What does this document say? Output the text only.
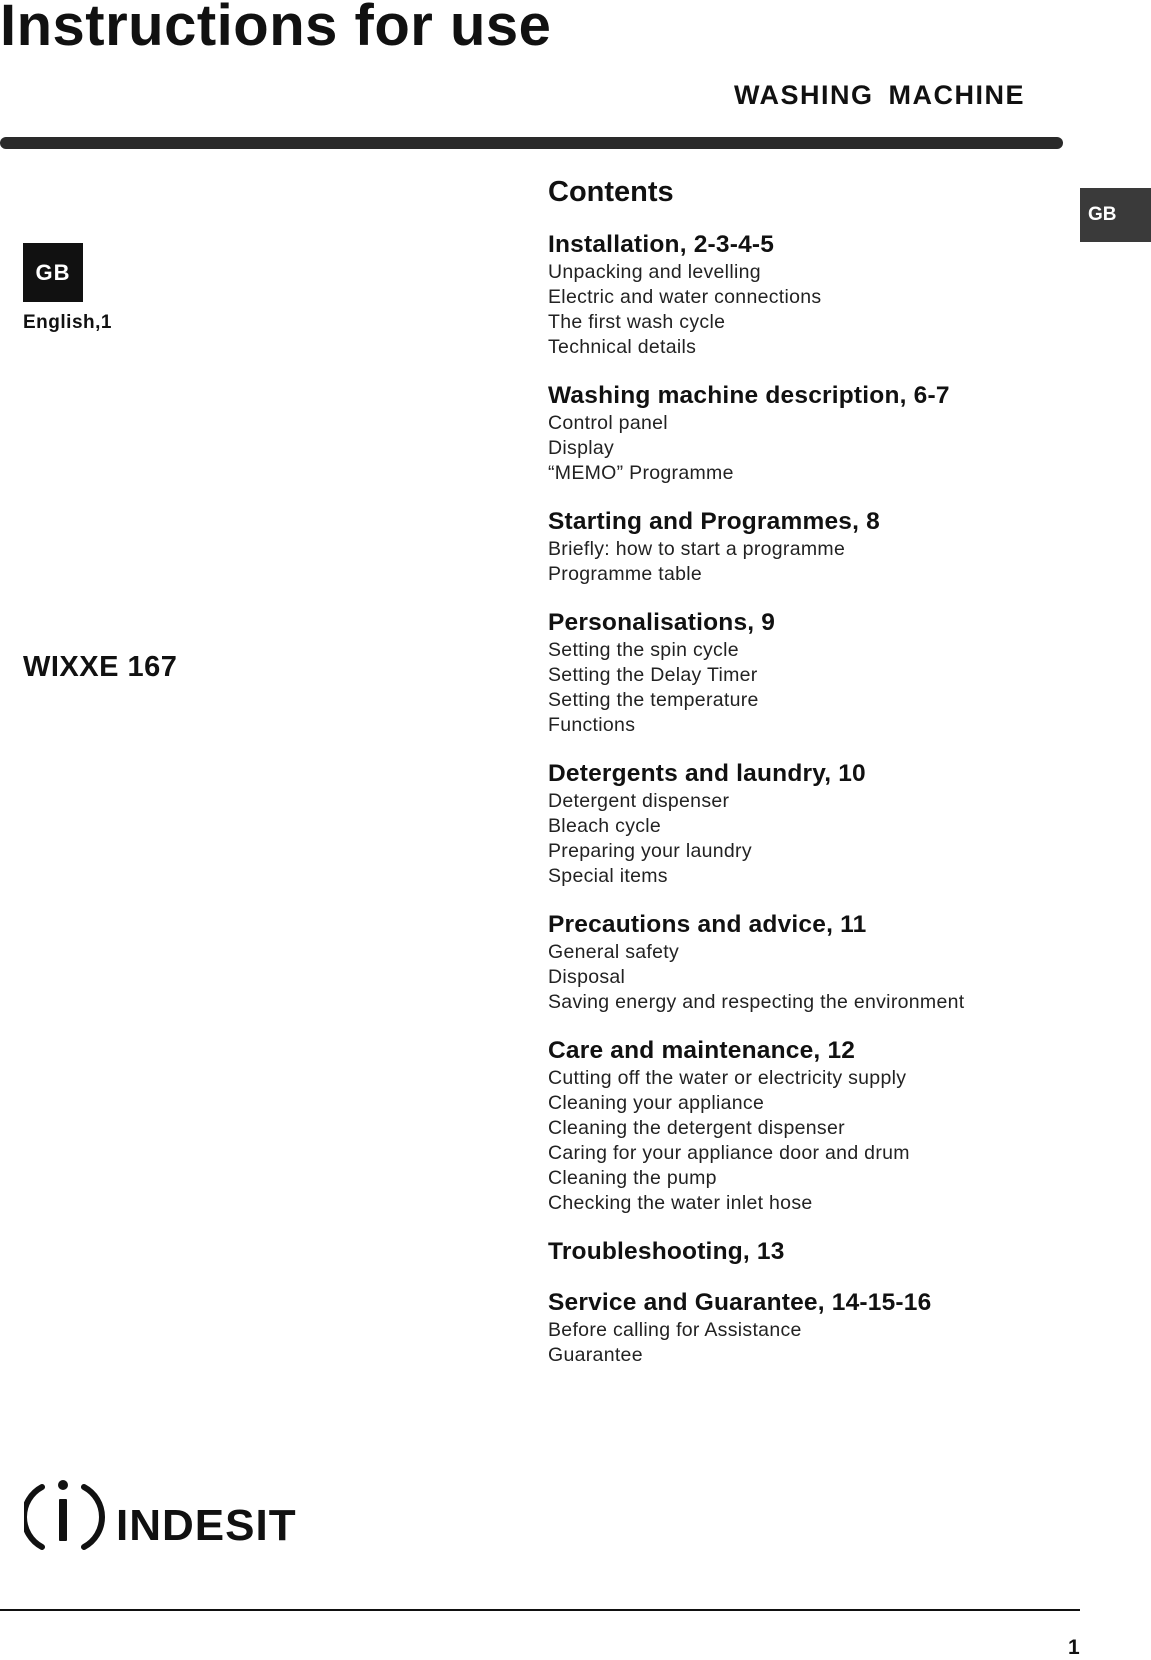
Instructions for use
WASHING MACHINE
GB
GB
English,1
WIXXE 167
Contents
Installation, 2-3-4-5
Unpacking and levelling
Electric and water connections
The first wash cycle
Technical details
Washing machine description, 6-7
Control panel
Display
“MEMO” Programme
Starting and Programmes, 8
Briefly: how to start a programme
Programme table
Personalisations, 9
Setting the spin cycle
Setting the Delay Timer
Setting the temperature
Functions
Detergents and laundry, 10
Detergent dispenser
Bleach cycle
Preparing your laundry
Special items
Precautions and advice, 11
General safety
Disposal
Saving energy and respecting the environment
Care and maintenance, 12
Cutting off the water or electricity supply
Cleaning your appliance
Cleaning the detergent dispenser
Caring for your appliance door and drum
Cleaning the pump
Checking the water inlet hose
Troubleshooting, 13
Service and Guarantee, 14-15-16
Before calling for Assistance
Guarantee
INDESIT
1
